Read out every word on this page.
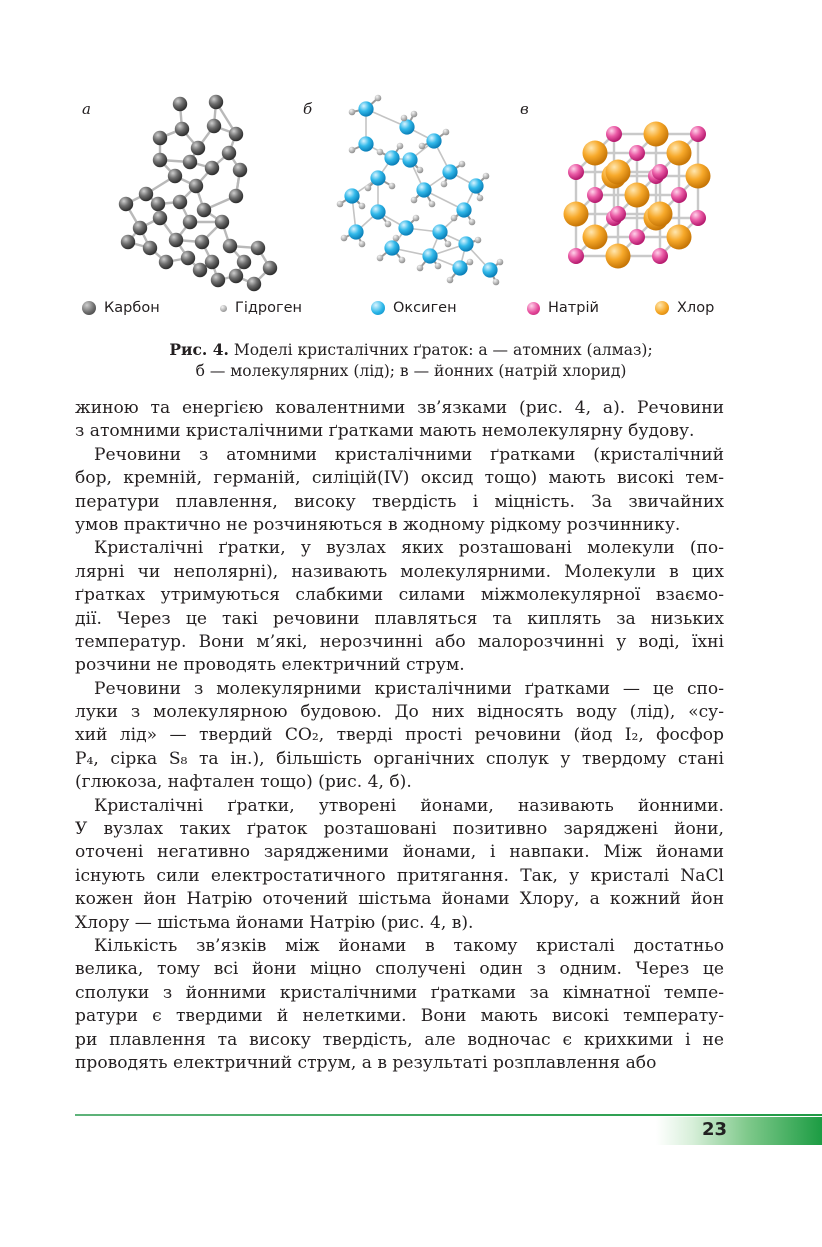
а	б	в
Карбон	Гідроген	Оксиген	Натрій	Хлор
Рис. 4. Моделі кристалічних ґраток: а — атомних (алмаз);
б — молекулярних (лід); в — йонних (натрій хлорид)
жиною та енергією ковалентними зв’язками (рис. 4, а). Речовини
з атомними кристалічними ґратками мають немолекулярну будову.
Речовини з атомними кристалічними ґратками (кристалічний
бор, кремній, германій, силіцій(IV) оксид тощо) мають високі тем-
ператури плавлення, високу твердість і міцність. За звичайних
умов практично не розчиняються в жодному рідкому розчиннику.
Кристалічні ґратки, у вузлах яких розташовані молекули (по-
лярні чи неполярні), називають молекулярними. Молекули в цих
ґратках утримуються слабкими силами міжмолекулярної взаємо-
дії. Через це такі речовини плавляться та киплять за низьких
температур. Вони м’які, нерозчинні або малорозчинні у воді, їхні
розчини не проводять електричний струм.
Речовини з молекулярними кристалічними ґратками — це спо-
луки з молекулярною будовою. До них відносять воду (лід), «су-
хий лід» — твердий CO₂, тверді прості речовини (йод I₂, фосфор
P₄, сірка S₈ та ін.), більшість органічних сполук у твердому стані
(глюкоза, нафтален тощо) (рис. 4, б).
Кристалічні ґратки, утворені йонами, називають йонними.
У вузлах таких ґраток розташовані позитивно заряджені йони,
оточені негативно зарядженими йонами, і навпаки. Між йонами
існують сили електростатичного притягання. Так, у кристалі NaCl
кожен йон Натрію оточений шістьма йонами Хлору, а кожний йон
Хлору — шістьма йонами Натрію (рис. 4, в).
Кількість зв’язків між йонами в такому кристалі достатньо
велика, тому всі йони міцно сполучені один з одним. Через це
сполуки з йонними кристалічними ґратками за кімнатної темпе-
ратури є твердими й нелеткими. Вони мають високі температу-
ри плавлення та високу твердість, але водночас є крихкими і не
проводять електричний струм, а в результаті розплавлення або
23
